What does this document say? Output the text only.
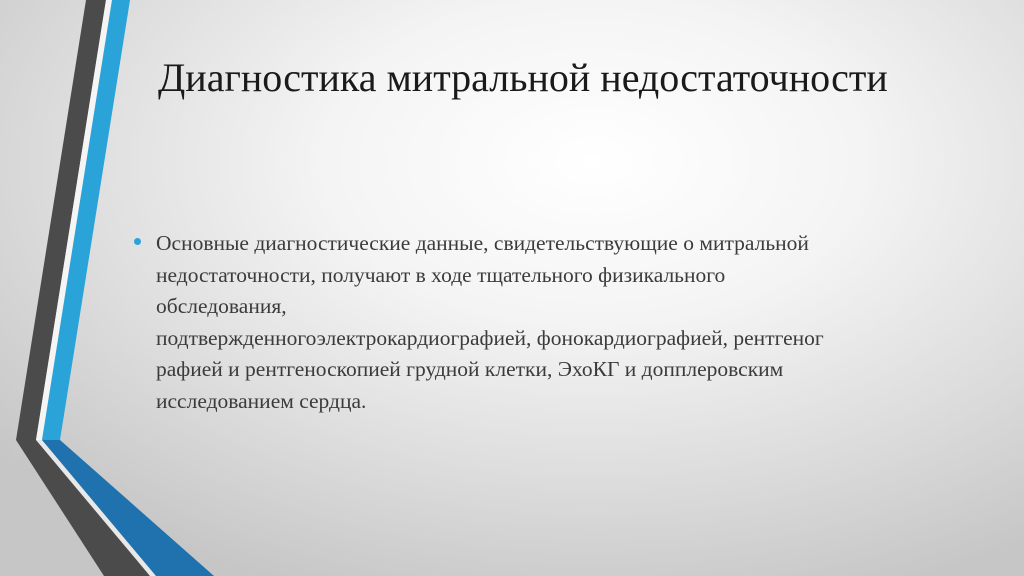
Диагностика митральной недостаточности

Основные диагностические данные, свидетельствующие о митральной
недостаточности, получают в ходе тщательного физикального
обследования,
подтвержденногоэлектрокардиографией, фонокардиографией, рентгеног
рафией и рентгеноскопией грудной клетки, ЭхоКГ и допплеровским
исследованием сердца.
